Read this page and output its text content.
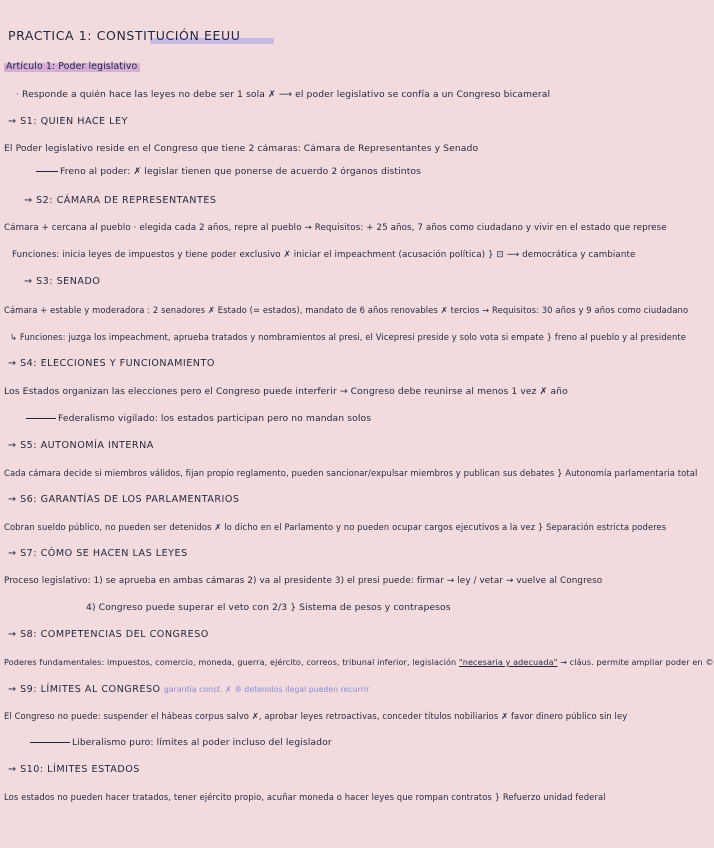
PRACTICA 1: CONSTITUCIÓN EEUU
Artículo 1: Poder legislativo
· Responde a quién hace las leyes no debe ser 1 sola ✗ ⟶ el poder legislativo se confía a un Congreso bicameral
→ S1: QUIEN HACE LEY
El Poder legislativo reside en el Congreso que tiene 2 cámaras: Cámara de Representantes y Senado
Freno al poder: ✗ legislar tienen que ponerse de acuerdo 2 órganos distintos
→ S2: CÁMARA DE REPRESENTANTES
Cámara + cercana al pueblo · elegida cada 2 años, repre al pueblo → Requisitos: + 25 años, 7 años como ciudadano y vivir en el estado que represe
Funciones: inicia leyes de impuestos y tiene poder exclusivo ✗ iniciar el impeachment (acusación política) } ⊡ ⟶ democrática y cambiante
→ S3: SENADO
Cámara + estable y moderadora : 2 senadores ✗ Estado (= estados), mandato de 6 años renovables ✗ tercios → Requisitos: 30 años y 9 años como ciudadano
↳ Funciones: juzga los impeachment, aprueba tratados y nombramientos al presi, el Vicepresi preside y solo vota si empate } freno al pueblo y al presidente
→ S4: ELECCIONES Y FUNCIONAMIENTO
Los Estados organizan las elecciones pero el Congreso puede interferir → Congreso debe reunirse al menos 1 vez ✗ año
Federalismo vigilado: los estados participan pero no mandan solos
→ S5: AUTONOMÍA INTERNA
Cada cámara decide si miembros válidos, fijan propio reglamento, pueden sancionar/expulsar miembros y publican sus debates } Autonomía parlamentaria total
→ S6: GARANTÍAS DE LOS PARLAMENTARIOS
Cobran sueldo público, no pueden ser detenidos ✗ lo dicho en el Parlamento y no pueden ocupar cargos ejecutivos a la vez } Separación estricta poderes
→ S7: CÓMO SE HACEN LAS LEYES
Proceso legislativo: 1) se aprueba en ambas cámaras 2) va al presidente 3) el presi puede: firmar → ley / vetar → vuelve al Congreso
4) Congreso puede superar el veto con 2/3 } Sistema de pesos y contrapesos
→ S8: COMPETENCIAS DEL CONGRESO
Poderes fundamentales: impuestos, comercio, moneda, guerra, ejército, correos, tribunal inferior, legislación "necesaria y adecuada" → cláus. permite ampliar poder en ©
→ S9: LÍMITES AL CONGRESO garantía const. ✗ ® detenidos ilegal pueden recurrir
El Congreso no puede: suspender el hábeas corpus salvo ✗, aprobar leyes retroactivas, conceder títulos nobiliarios ✗ favor dinero público sin ley
Liberalismo puro: límites al poder incluso del legislador
→ S10: LÍMITES ESTADOS
Los estados no pueden hacer tratados, tener ejército propio, acuñar moneda o hacer leyes que rompan contratos } Refuerzo unidad federal
